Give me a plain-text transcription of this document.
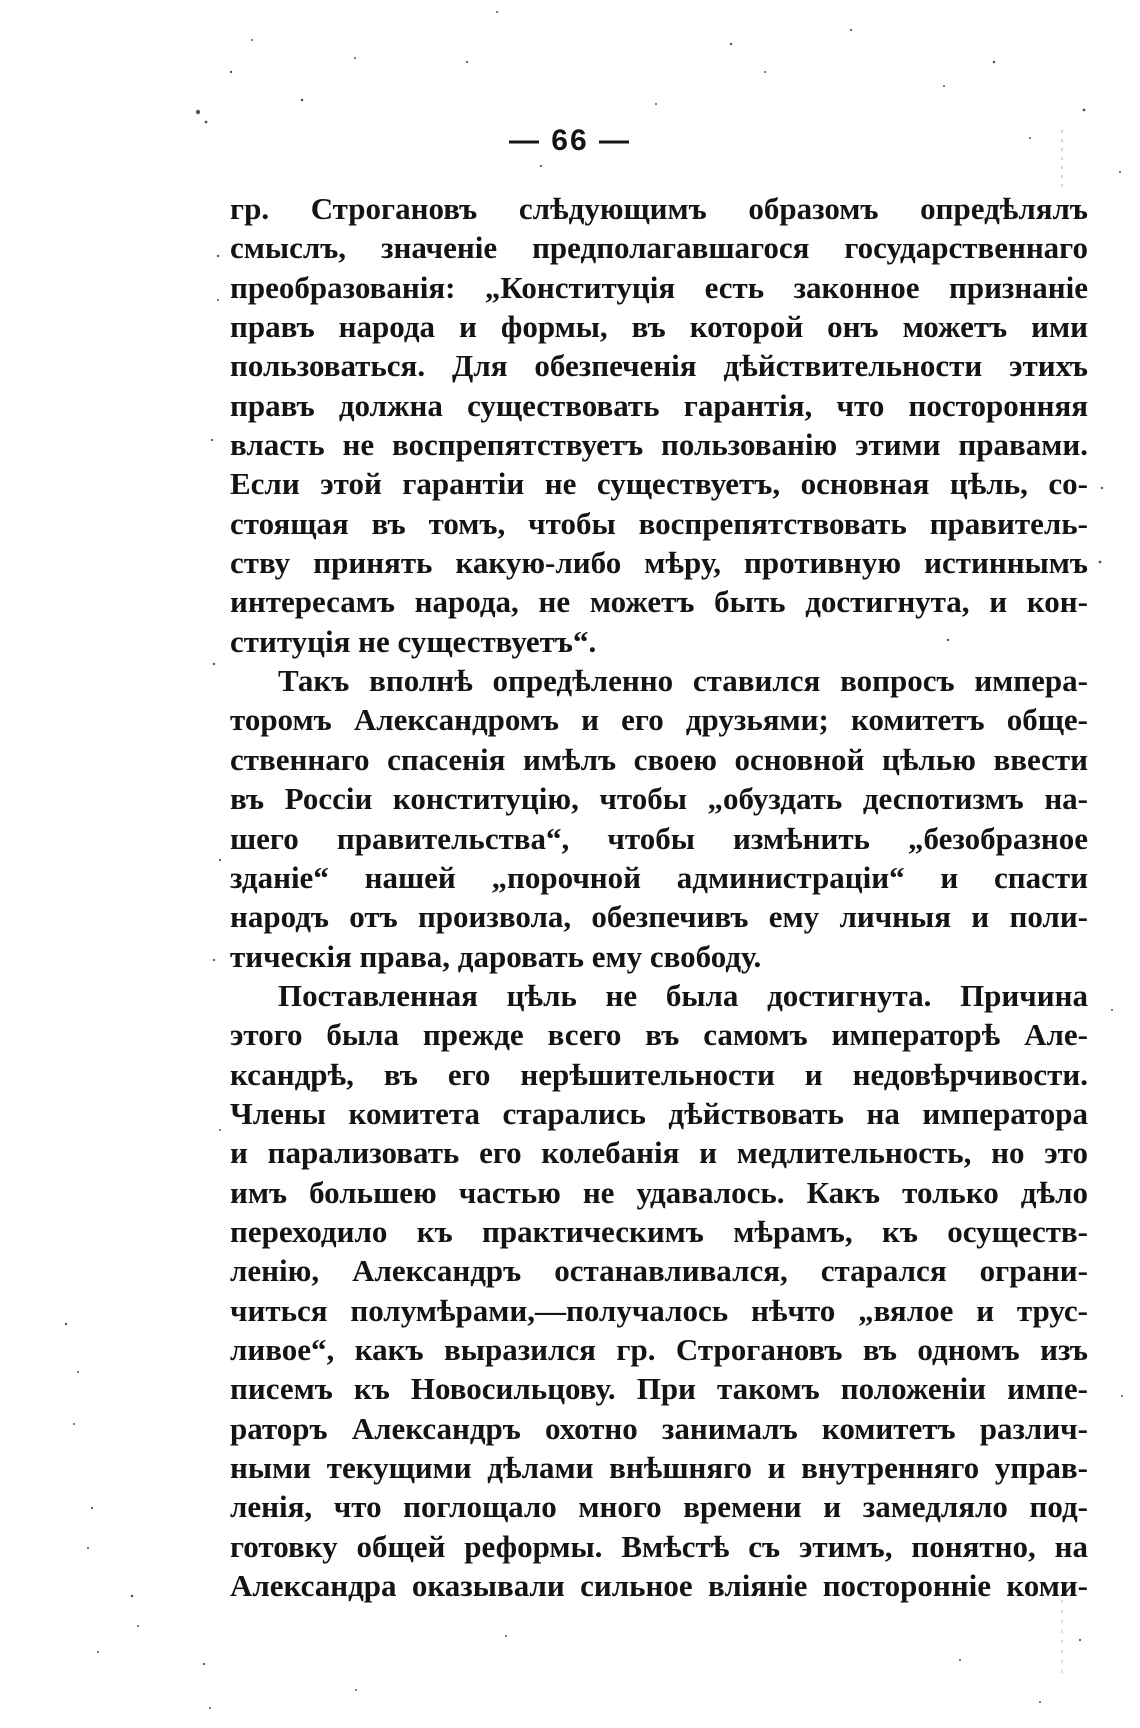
— 66 —
гр. Строгановъ слѣдующимъ образомъ опредѣлялъ
смыслъ, значеніе предполагавшагося государственнаго
преобразованія: „Конституція есть законное признаніе
правъ народа и формы, въ которой онъ можетъ ими
пользоваться. Для обезпеченія дѣйствительности этихъ
правъ должна существовать гарантія, что посторонняя
власть не воспрепятствуетъ пользованію этими правами.
Если этой гарантіи не существуетъ, основная цѣль, со-
стоящая въ томъ, чтобы воспрепятствовать правитель-
ству принять какую-либо мѣру, противную истиннымъ
интересамъ народа, не можетъ быть достигнута, и кон-
ституція не существуетъ“.
Такъ вполнѣ опредѣленно ставился вопросъ импера-
торомъ Александромъ и его друзьями; комитетъ обще-
ственнаго спасенія имѣлъ своею основной цѣлью ввести
въ Россіи конституцію, чтобы „обуздать деспотизмъ на-
шего правительства“, чтобы измѣнить „безобразное
зданіе“ нашей „порочной администраціи“ и спасти
народъ отъ произвола, обезпечивъ ему личныя и поли-
тическія права, даровать ему свободу.
Поставленная цѣль не была достигнута. Причина
этого была прежде всего въ самомъ императорѣ Але-
ксандрѣ, въ его нерѣшительности и недовѣрчивости.
Члены комитета старались дѣйствовать на императора
и парализовать его колебанія и медлительность, но это
имъ большею частью не удавалось. Какъ только дѣло
переходило къ практическимъ мѣрамъ, къ осуществ-
ленію, Александръ останавливался, старался ограни-
читься полумѣрами,—получалось нѣчто „вялое и трус-
ливое“, какъ выразился гр. Строгановъ въ одномъ изъ
писемъ къ Новосильцову. При такомъ положеніи импе-
раторъ Александръ охотно занималъ комитетъ различ-
ными текущими дѣлами внѣшняго и внутренняго управ-
ленія, что поглощало много времени и замедляло под-
готовку общей реформы. Вмѣстѣ съ этимъ, понятно, на
Александра оказывали сильное вліяніе посторонніе коми-
